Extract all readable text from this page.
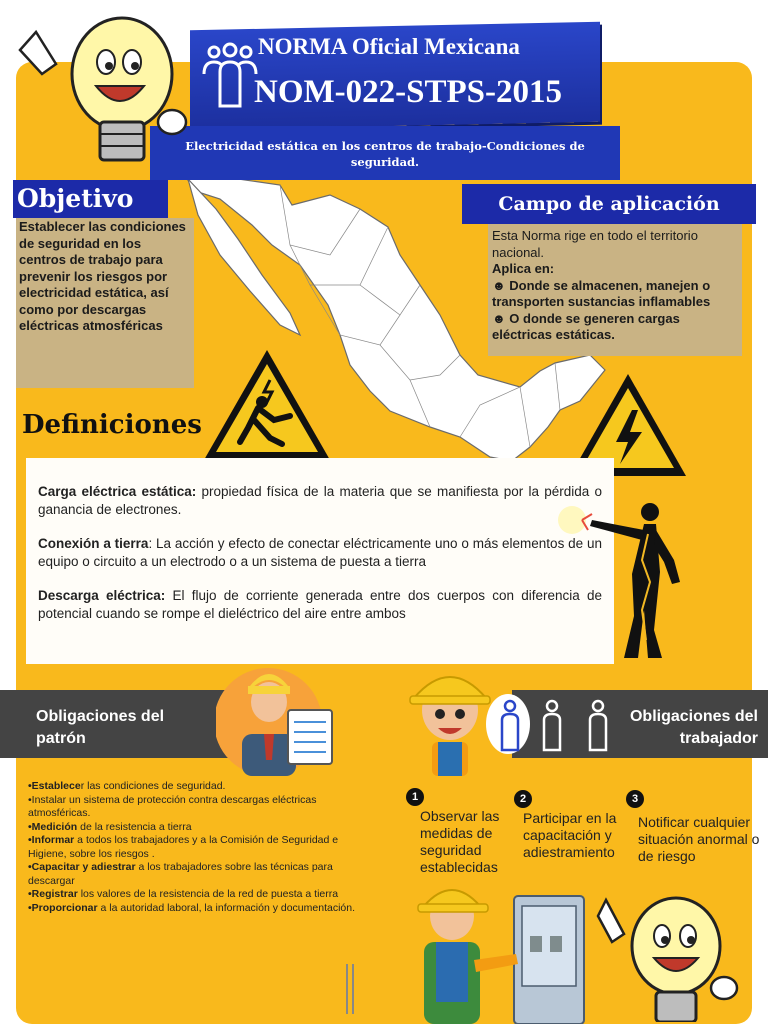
NORMA Oficial Mexicana
NOM-022-STPS-2015
Electricidad estática en los centros de trabajo-Condiciones de seguridad.
Objetivo
Establecer las condiciones de seguridad en los centros de trabajo para prevenir los riesgos por electricidad estática, así como por descargas eléctricas atmosféricas
Campo de aplicación
Esta Norma rige en todo el territorio nacional.
Aplica en:
☻ Donde se almacenen, manejen o transporten sustancias inflamables
☻ O donde se generen cargas eléctricas estáticas.
Definiciones

Carga eléctrica estática: propiedad física de la materia que se manifiesta por la pérdida o ganancia de electrones.

Conexión a tierra: La acción y efecto de conectar eléctricamente uno o más elementos de un equipo o circuito a un electrodo o a un sistema de puesta a tierra

Descarga eléctrica: El flujo de corriente generada entre dos cuerpos con diferencia de potencial cuando se rompe el dieléctrico del aire entre ambos

Obligaciones del
patrón
•Establecer las condiciones de seguridad.
•Instalar un sistema de protección contra descargas eléctricas atmosféricas.
•Medición de la resistencia a tierra
•Informar a todos los trabajadores y a la Comisión de Seguridad e Higiene, sobre los riesgos .
•Capacitar y adiestrar a los trabajadores sobre las técnicas para descargar
•Registrar los valores de la resistencia de la red de puesta a tierra
•Proporcionar a la autoridad laboral, la información y documentación.
Obligaciones del
trabajador
1
Observar las medidas de seguridad establecidas
2
Participar en la capacitación y adiestramiento
3
Notificar cualquier situación anormal o de riesgo
